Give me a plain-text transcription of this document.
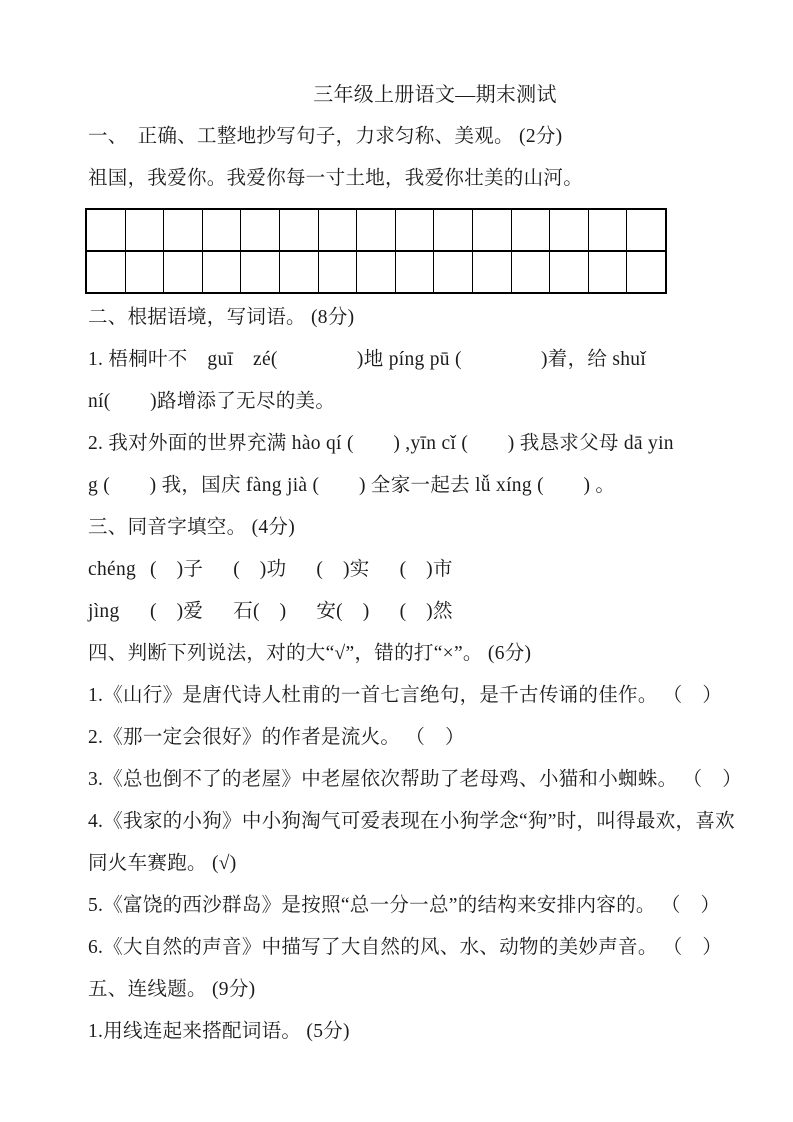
三年级上册语文—期末测试

一、　正确、工整地抄写句子，力求匀称、美观。 (2分)

祖国，我爱你。我爱你每一寸土地，我爱你壮美的山河。

二、根据语境，写词语。 (8分)

1. 梧桐叶不　guī　zé(　　　　)地 píng pū (　　　　)着，给 shuǐ

ní(　　)路增添了无尽的美。

2. 我对外面的世界充满 hào qí (　　) ,yīn cǐ (　　) 我恳求父母 dā yin

g (　　) 我，国庆 fàng jià (　　) 全家一起去 lǚ xíng (　　) 。

三、同音字填空。 (4分)

chéng (　)子 (　)功 (　)实 (　)市
jìng	(　)爱 石(　) 安(　) (　)然

四、判断下列说法，对的大“√”，错的打“×”。 (6分)

1.《山行》是唐代诗人杜甫的一首七言绝句，是千古传诵的佳作。 （　）

2.《那一定会很好》的作者是流火。 （　）

3.《总也倒不了的老屋》中老屋依次帮助了老母鸡、小猫和小蜘蛛。 （　）

4.《我家的小狗》中小狗淘气可爱表现在小狗学念“狗”时，叫得最欢，喜欢

同火车赛跑。 (√)

5.《富饶的西沙群岛》是按照“总一分一总”的结构来安排内容的。 （　）

6.《大自然的声音》中描写了大自然的风、水、动物的美妙声音。 （　）

五、连线题。 (9分)

1.用线连起来搭配词语。 (5分)
